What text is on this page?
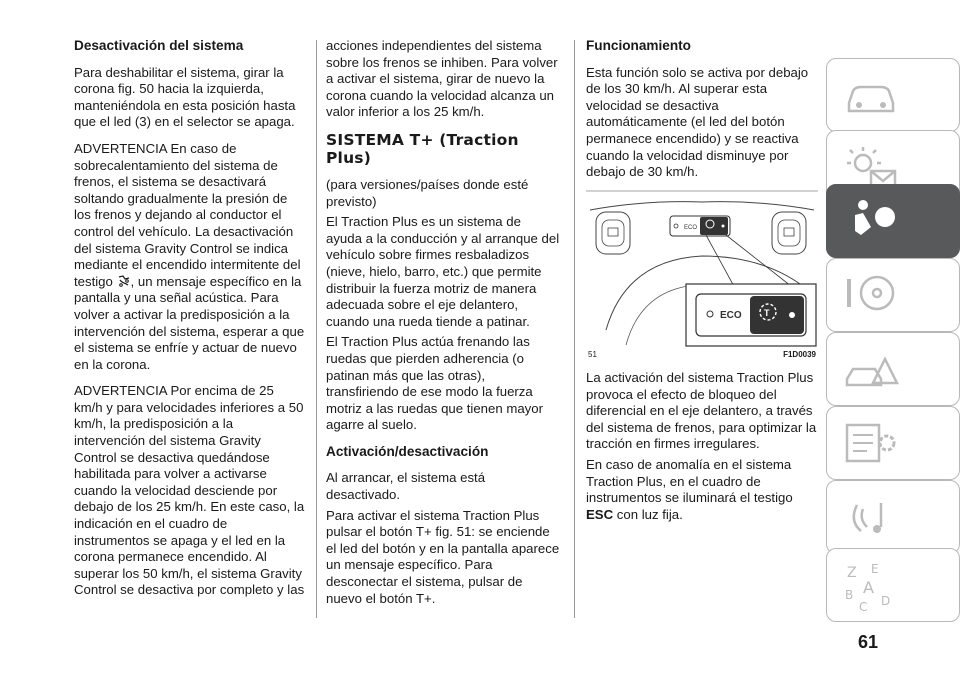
Desactivación del sistema

Para deshabilitar el sistema, girar la corona fig. 50 hacia la izquierda, manteniéndola en esta posición hasta que el led (3) en el selector se apaga.

ADVERTENCIA En caso de sobrecalentamiento del sistema de frenos, el sistema se desactivará soltando gradualmente la presión de los frenos y dejando al conductor el control del vehículo. La desactivación del sistema Gravity Control se indica mediante el encendido intermitente del testigo , un mensaje específico en la pantalla y una señal acústica. Para volver a activar la predisposición a la intervención del sistema, esperar a que el sistema se enfríe y actuar de nuevo en la corona.

ADVERTENCIA Por encima de 25 km/h y para velocidades inferiores a 50 km/h, la predisposición a la intervención del sistema Gravity Control se desactiva quedándose habilitada para volver a activarse cuando la velocidad desciende por debajo de los 25 km/h. En este caso, la indicación en el cuadro de instrumentos se apaga y el led en la corona permanece encendido. Al superar los 50 km/h, el sistema Gravity Control se desactiva por completo y las

acciones independientes del sistema sobre los frenos se inhiben. Para volver a activar el sistema, girar de nuevo la corona cuando la velocidad alcanza un valor inferior a los 25 km/h.

SISTEMA T+ (Traction Plus)

(para versiones/países donde esté previsto)

El Traction Plus es un sistema de ayuda a la conducción y al arranque del vehículo sobre firmes resbaladizos (nieve, hielo, barro, etc.) que permite distribuir la fuerza motriz de manera adecuada sobre el eje delantero, cuando una rueda tiende a patinar.

El Traction Plus actúa frenando las ruedas que pierden adherencia (o patinan más que las otras), transfiriendo de ese modo la fuerza motriz a las ruedas que tienen mayor agarre al suelo.

Activación/desactivación

Al arrancar, el sistema está desactivado.

Para activar el sistema Traction Plus pulsar el botón T+ fig. 51: se enciende el led del botón y en la pantalla aparece un mensaje específico. Para desconectar el sistema, pulsar de nuevo el botón T+.

Funcionamiento

Esta función solo se activa por debajo de los 30 km/h. Al superar esta velocidad se desactiva automáticamente (el led del botón permanece encendido) y se reactiva cuando la velocidad disminuye por debajo de 30 km/h.

ECO
ECO T
51	F1D0039

La activación del sistema Traction Plus provoca el efecto de bloqueo del diferencial en el eje delantero, a través del sistema de frenos, para optimizar la tracción en firmes irregulares.

En caso de anomalía en el sistema Traction Plus, en el cuadro de instrumentos se iluminará el testigo ESC con luz fija.

Z E
B A
C D
61
